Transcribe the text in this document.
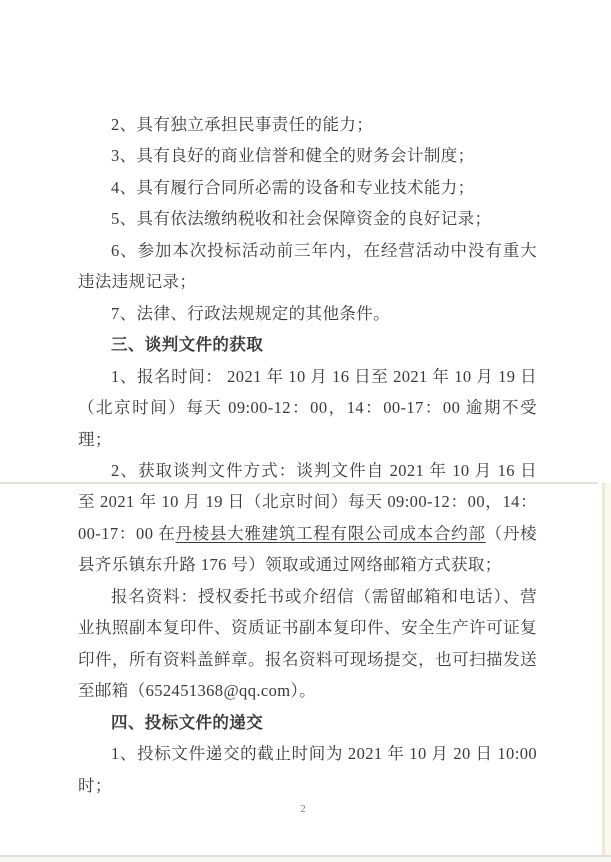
2、具有独立承担民事责任的能力；

3、具有良好的商业信誉和健全的财务会计制度；

4、具有履行合同所必需的设备和专业技术能力；

5、具有依法缴纳税收和社会保障资金的良好记录；

6、参加本次投标活动前三年内，在经营活动中没有重大违法违规记录；

7、法律、行政法规规定的其他条件。

三、谈判文件的获取

1、报名时间： 2021 年 10 月 16 日至 2021 年 10 月 19 日（北京时间）每天 09:00-12：00，14：00-17：00 逾期不受理；

2、获取谈判文件方式：谈判文件自 2021 年 10 月 16 日至 2021 年 10 月 19 日（北京时间）每天 09:00-12：00，14：00-17：00 在丹棱县大雅建筑工程有限公司成本合约部（丹棱县齐乐镇东升路 176 号）领取或通过网络邮箱方式获取；

报名资料：授权委托书或介绍信（需留邮箱和电话）、营业执照副本复印件、资质证书副本复印件、安全生产许可证复印件，所有资料盖鲜章。报名资料可现场提交，也可扫描发送至邮箱（652451368@qq.com）。

四、投标文件的递交

1、投标文件递交的截止时间为 2021 年 10 月 20 日 10:00 时；

2
